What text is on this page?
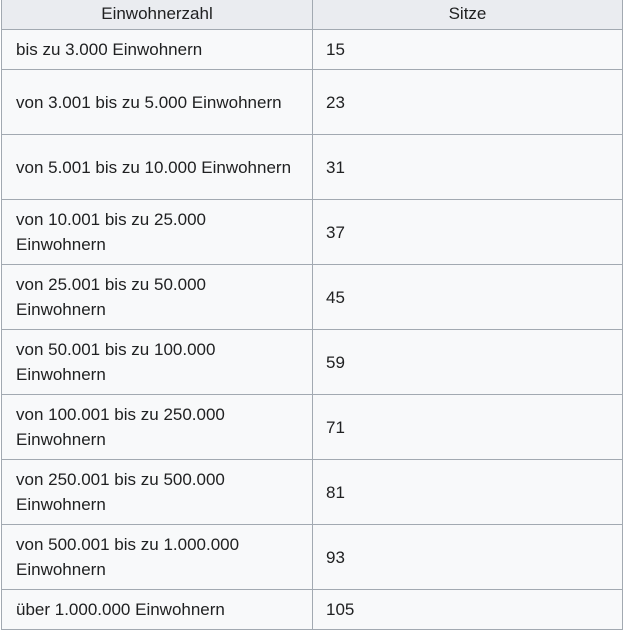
Einwohnerzahl	Sitze
bis zu 3.000 Einwohnern	15
von 3.001 bis zu 5.000 Einwohnern	23
von 5.001 bis zu 10.000 Einwohnern	31
von 10.001 bis zu 25.000 Einwohnern	37
von 25.001 bis zu 50.000 Einwohnern	45
von 50.001 bis zu 100.000 Einwohnern	59
von 100.001 bis zu 250.000 Einwohnern	71
von 250.001 bis zu 500.000 Einwohnern	81
von 500.001 bis zu 1.000.000 Einwohnern	93
über 1.000.000 Einwohnern	105
